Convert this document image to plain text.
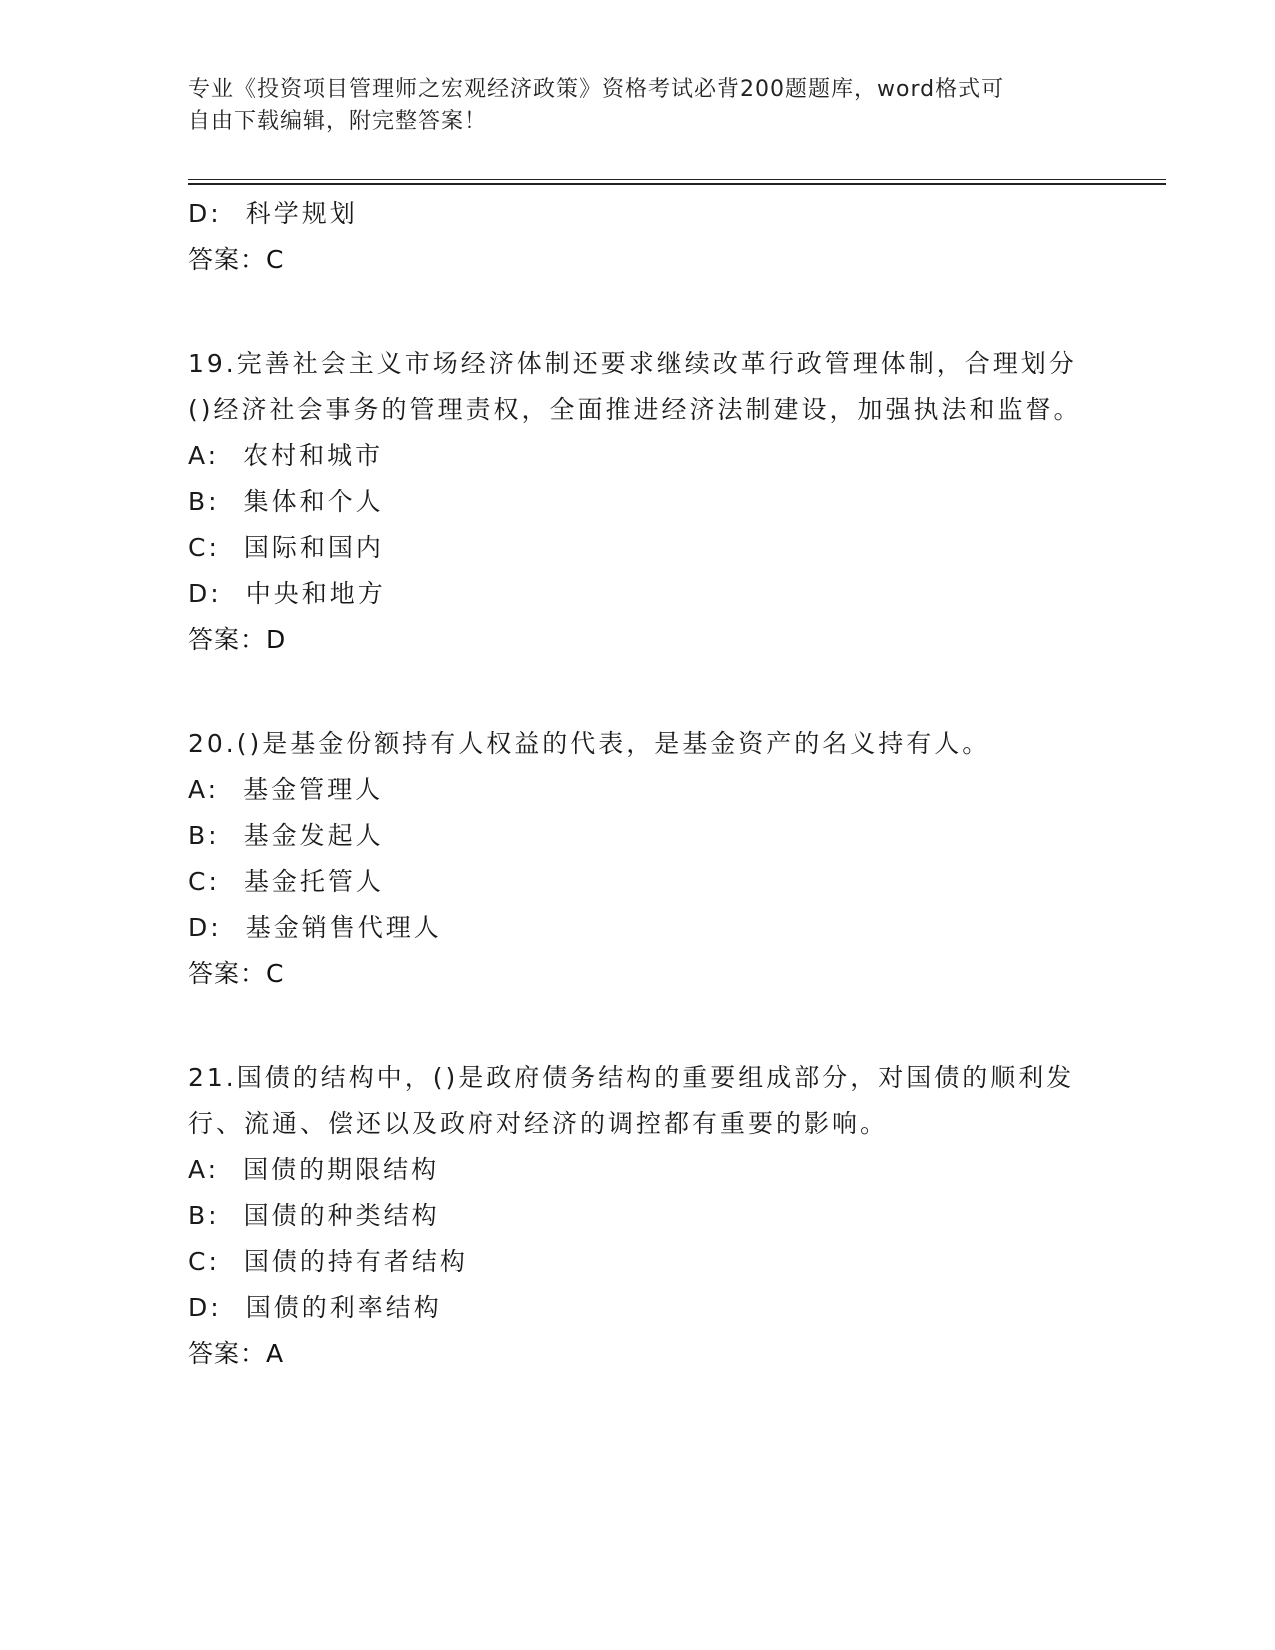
专业《投资项目管理师之宏观经济政策》资格考试必背200题题库，word格式可
自由下载编辑，附完整答案！
D: 科学规划
答案：C
19.完善社会主义市场经济体制还要求继续改革行政管理体制，合理划分()经济社会事务的管理责权，全面推进经济法制建设，加强执法和监督。
A: 农村和城市
B: 集体和个人
C: 国际和国内
D: 中央和地方
答案：D
20.()是基金份额持有人权益的代表，是基金资产的名义持有人。
A: 基金管理人
B: 基金发起人
C: 基金托管人
D: 基金销售代理人
答案：C
21.国债的结构中，()是政府债务结构的重要组成部分，对国债的顺利发行、流通、偿还以及政府对经济的调控都有重要的影响。
A: 国债的期限结构
B: 国债的种类结构
C: 国债的持有者结构
D: 国债的利率结构
答案：A
